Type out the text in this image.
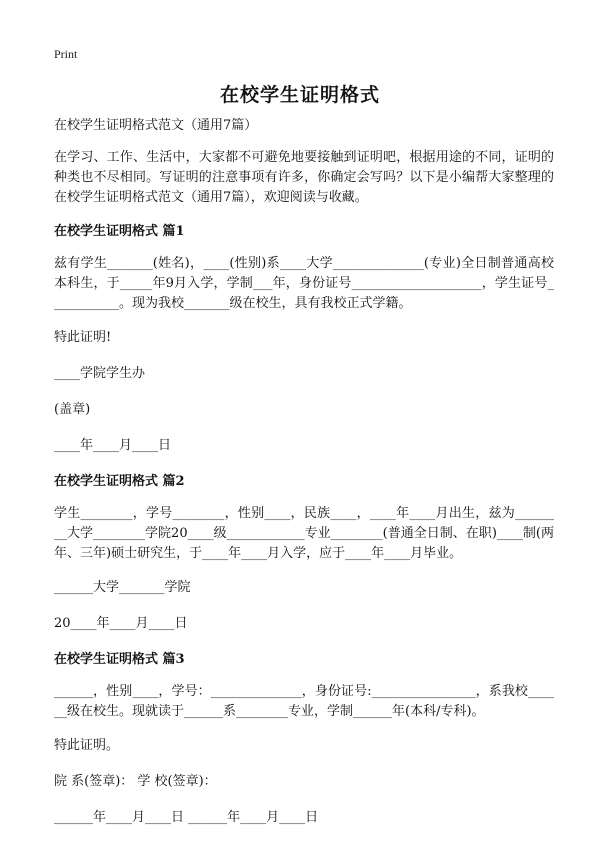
Print
在校学生证明格式

在校学生证明格式范文（通用7篇）

在学习、工作、生活中，大家都不可避免地要接触到证明吧，根据用途的不同，证明的种类也不尽相同。写证明的注意事项有许多，你确定会写吗？以下是小编帮大家整理的在校学生证明格式范文（通用7篇），欢迎阅读与收藏。

在校学生证明格式 篇1

兹有学生_______(姓名)，____(性别)系____大学______________(专业)全日制普通高校本科生，于_____年9月入学，学制___年，身份证号____________________，学生证号___________。现为我校_______级在校生，具有我校正式学籍。

特此证明!

____学院学生办

(盖章)

____年____月____日

在校学生证明格式 篇2

学生________，学号________，性别____，民族____，____年____月出生，兹为________大学________学院20____级____________专业________(普通全日制、在职)____制(两年、三年)硕士研究生，于____年____月入学，应于____年____月毕业。

______大学_______学院

20____年____月____日

在校学生证明格式 篇3

______，性别____，学号：______________，身份证号:________________，系我校______级在校生。现就读于______系________专业，学制______年(本科/专科)。

特此证明。

院 系(签章)： 学 校(签章)：

______年____月____日 ______年____月____日
